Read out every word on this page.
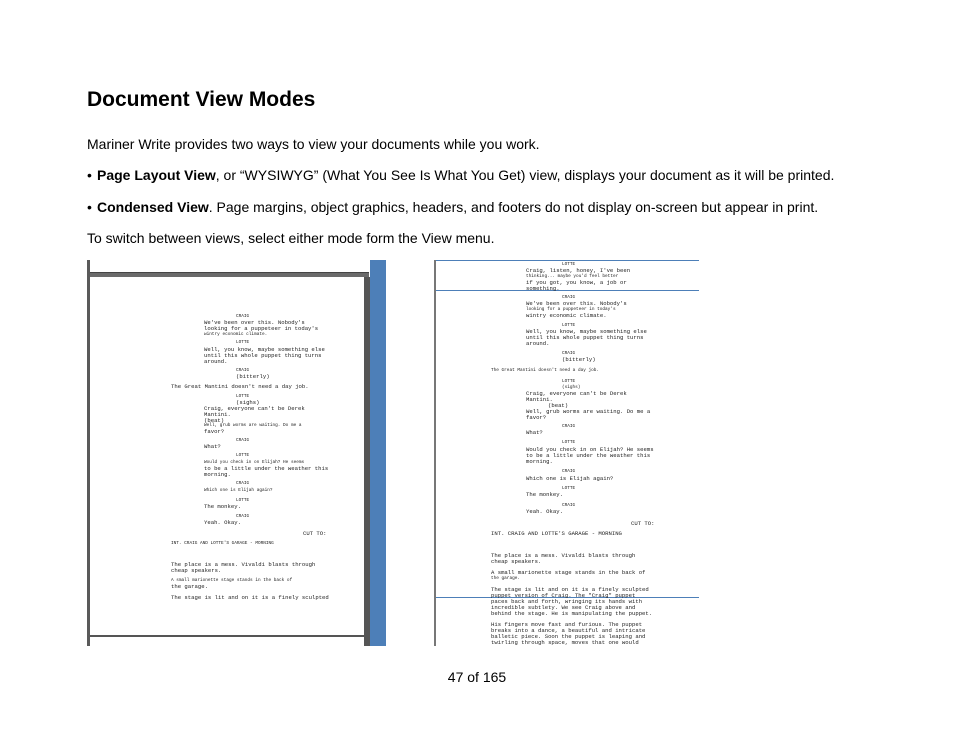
Document View Modes

Mariner Write provides two ways to view your documents while you work.

• Page Layout View, or “WYSIWYG” (What You See Is What You Get) view, displays your document as it will be printed.

• Condensed View. Page margins, object graphics, headers, and footers do not display on-screen but appear in print.

To switch between views, select either mode form the View menu.

CRAIG
We've been over this. Nobody's
looking for a puppeteer in today's
wintry economic climate.
LOTTE
Well, you know, maybe something else
until this whole puppet thing turns
around.
CRAIG
(bitterly)
The Great Mantini doesn't need a day job.
LOTTE
(sighs)
Craig, everyone can't be Derek
Mantini.
(beat)
Well, grub worms are waiting. Do me a
favor?
CRAIG
What?
LOTTE
Would you check in on Elijah? He seems
to be a little under the weather this
morning.
CRAIG
Which one is Elijah again?
LOTTE
The monkey.
CRAIG
Yeah. Okay.
CUT TO:
INT. CRAIG AND LOTTE'S GARAGE - MORNING
The place is a mess. Vivaldi blasts through
cheap speakers.
A small marionette stage stands in the back of
the garage.
The stage is lit and on it is a finely sculpted
LOTTE
Craig, listen, honey, I've been
thinking... maybe you'd feel better
if you got, you know, a job or
something.
CRAIG
We've been over this. Nobody's
looking for a puppeteer in today's
wintry economic climate.
LOTTE
Well, you know, maybe something else
until this whole puppet thing turns
around.
CRAIG
(bitterly)
The Great Mantini doesn't need a day job.
LOTTE
(sighs)
Craig, everyone can't be Derek
Mantini.
(beat)
Well, grub worms are waiting. Do me a
favor?
CRAIG
What?
LOTTE
Would you check in on Elijah? He seems
to be a little under the weather this
morning.
CRAIG
Which one is Elijah again?
LOTTE
The monkey.
CRAIG
Yeah. Okay.
CUT TO:
INT. CRAIG AND LOTTE'S GARAGE - MORNING
The place is a mess. Vivaldi blasts through
cheap speakers.
A small marionette stage stands in the back of
the garage.
The stage is lit and on it is a finely sculpted
puppet version of Craig. The "Craig" puppet
paces back and forth, wringing its hands with
incredible subtlety. We see Craig above and
behind the stage. He is manipulating the puppet.
His fingers move fast and furious. The puppet
breaks into a dance, a beautiful and intricate
balletic piece. Soon the puppet is leaping and
twirling through space, moves that one would
47 of 165
